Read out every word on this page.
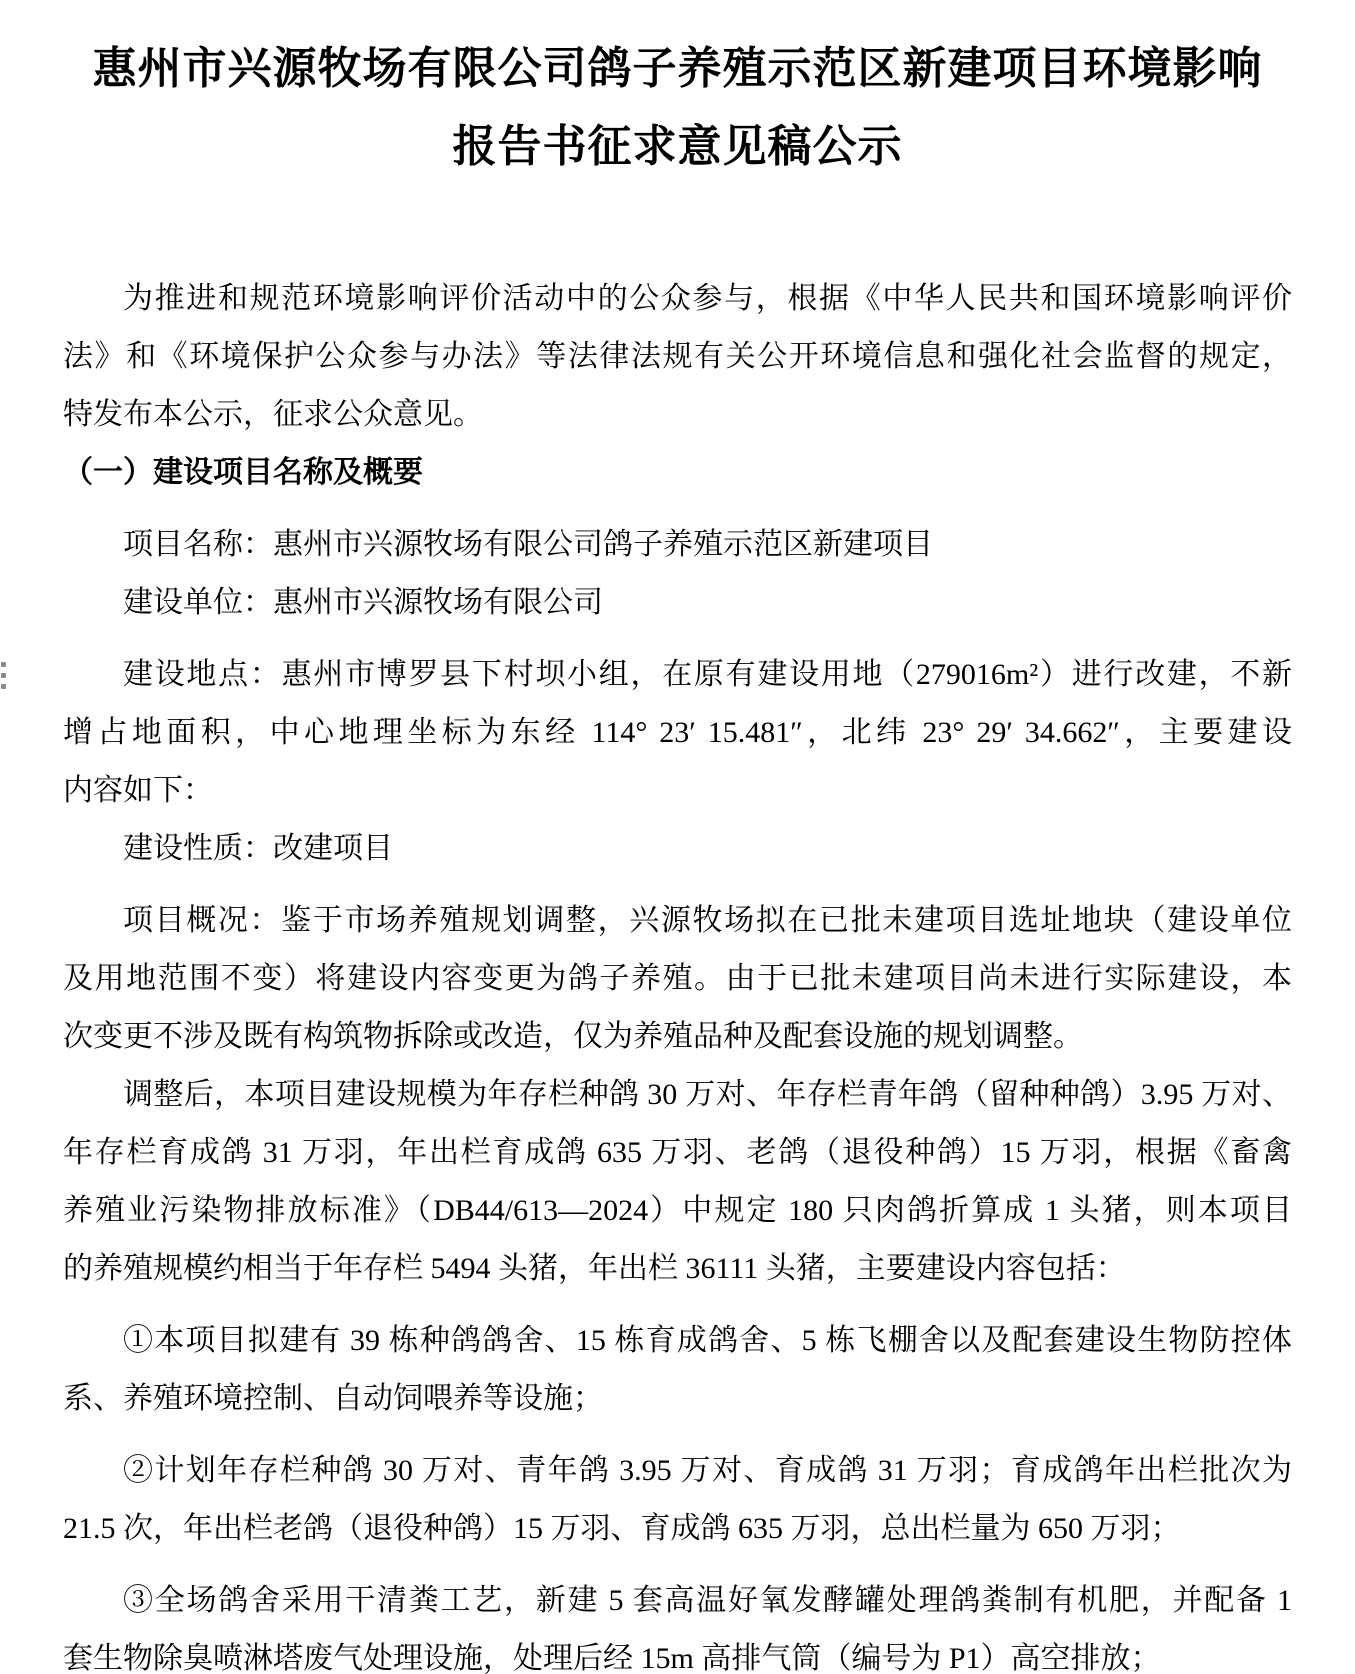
惠州市兴源牧场有限公司鸽子养殖示范区新建项目环境影响
报告书征求意见稿公示
为推进和规范环境影响评价活动中的公众参与，根据《中华人民共和国环境影响评价
法》和《环境保护公众参与办法》等法律法规有关公开环境信息和强化社会监督的规定，
特发布本公示，征求公众意见。
（一）建设项目名称及概要
项目名称：惠州市兴源牧场有限公司鸽子养殖示范区新建项目
建设单位：惠州市兴源牧场有限公司
建设地点：惠州市博罗县下村坝小组，在原有建设用地（279016m²）进行改建，不新
增占地面积，中心地理坐标为东经 114° 23′ 15.481″，北纬 23° 29′ 34.662″，主要建设
内容如下：
建设性质：改建项目
项目概况：鉴于市场养殖规划调整，兴源牧场拟在已批未建项目选址地块（建设单位
及用地范围不变）将建设内容变更为鸽子养殖。由于已批未建项目尚未进行实际建设，本
次变更不涉及既有构筑物拆除或改造，仅为养殖品种及配套设施的规划调整。
调整后，本项目建设规模为年存栏种鸽 30 万对、年存栏青年鸽（留种种鸽）3.95 万对、
年存栏育成鸽 31 万羽，年出栏育成鸽 635 万羽、老鸽（退役种鸽）15 万羽，根据《畜禽
养殖业污染物排放标准》（DB44/613—2024）中规定 180 只肉鸽折算成 1 头猪，则本项目
的养殖规模约相当于年存栏 5494 头猪，年出栏 36111 头猪，主要建设内容包括：
①本项目拟建有 39 栋种鸽鸽舍、15 栋育成鸽舍、5 栋飞棚舍以及配套建设生物防控体
系、养殖环境控制、自动饲喂养等设施；
②计划年存栏种鸽 30 万对、青年鸽 3.95 万对、育成鸽 31 万羽；育成鸽年出栏批次为
21.5 次，年出栏老鸽（退役种鸽）15 万羽、育成鸽 635 万羽，总出栏量为 650 万羽；
③全场鸽舍采用干清粪工艺，新建 5 套高温好氧发酵罐处理鸽粪制有机肥，并配备 1
套生物除臭喷淋塔废气处理设施，处理后经 15m 高排气筒（编号为 P1）高空排放；
